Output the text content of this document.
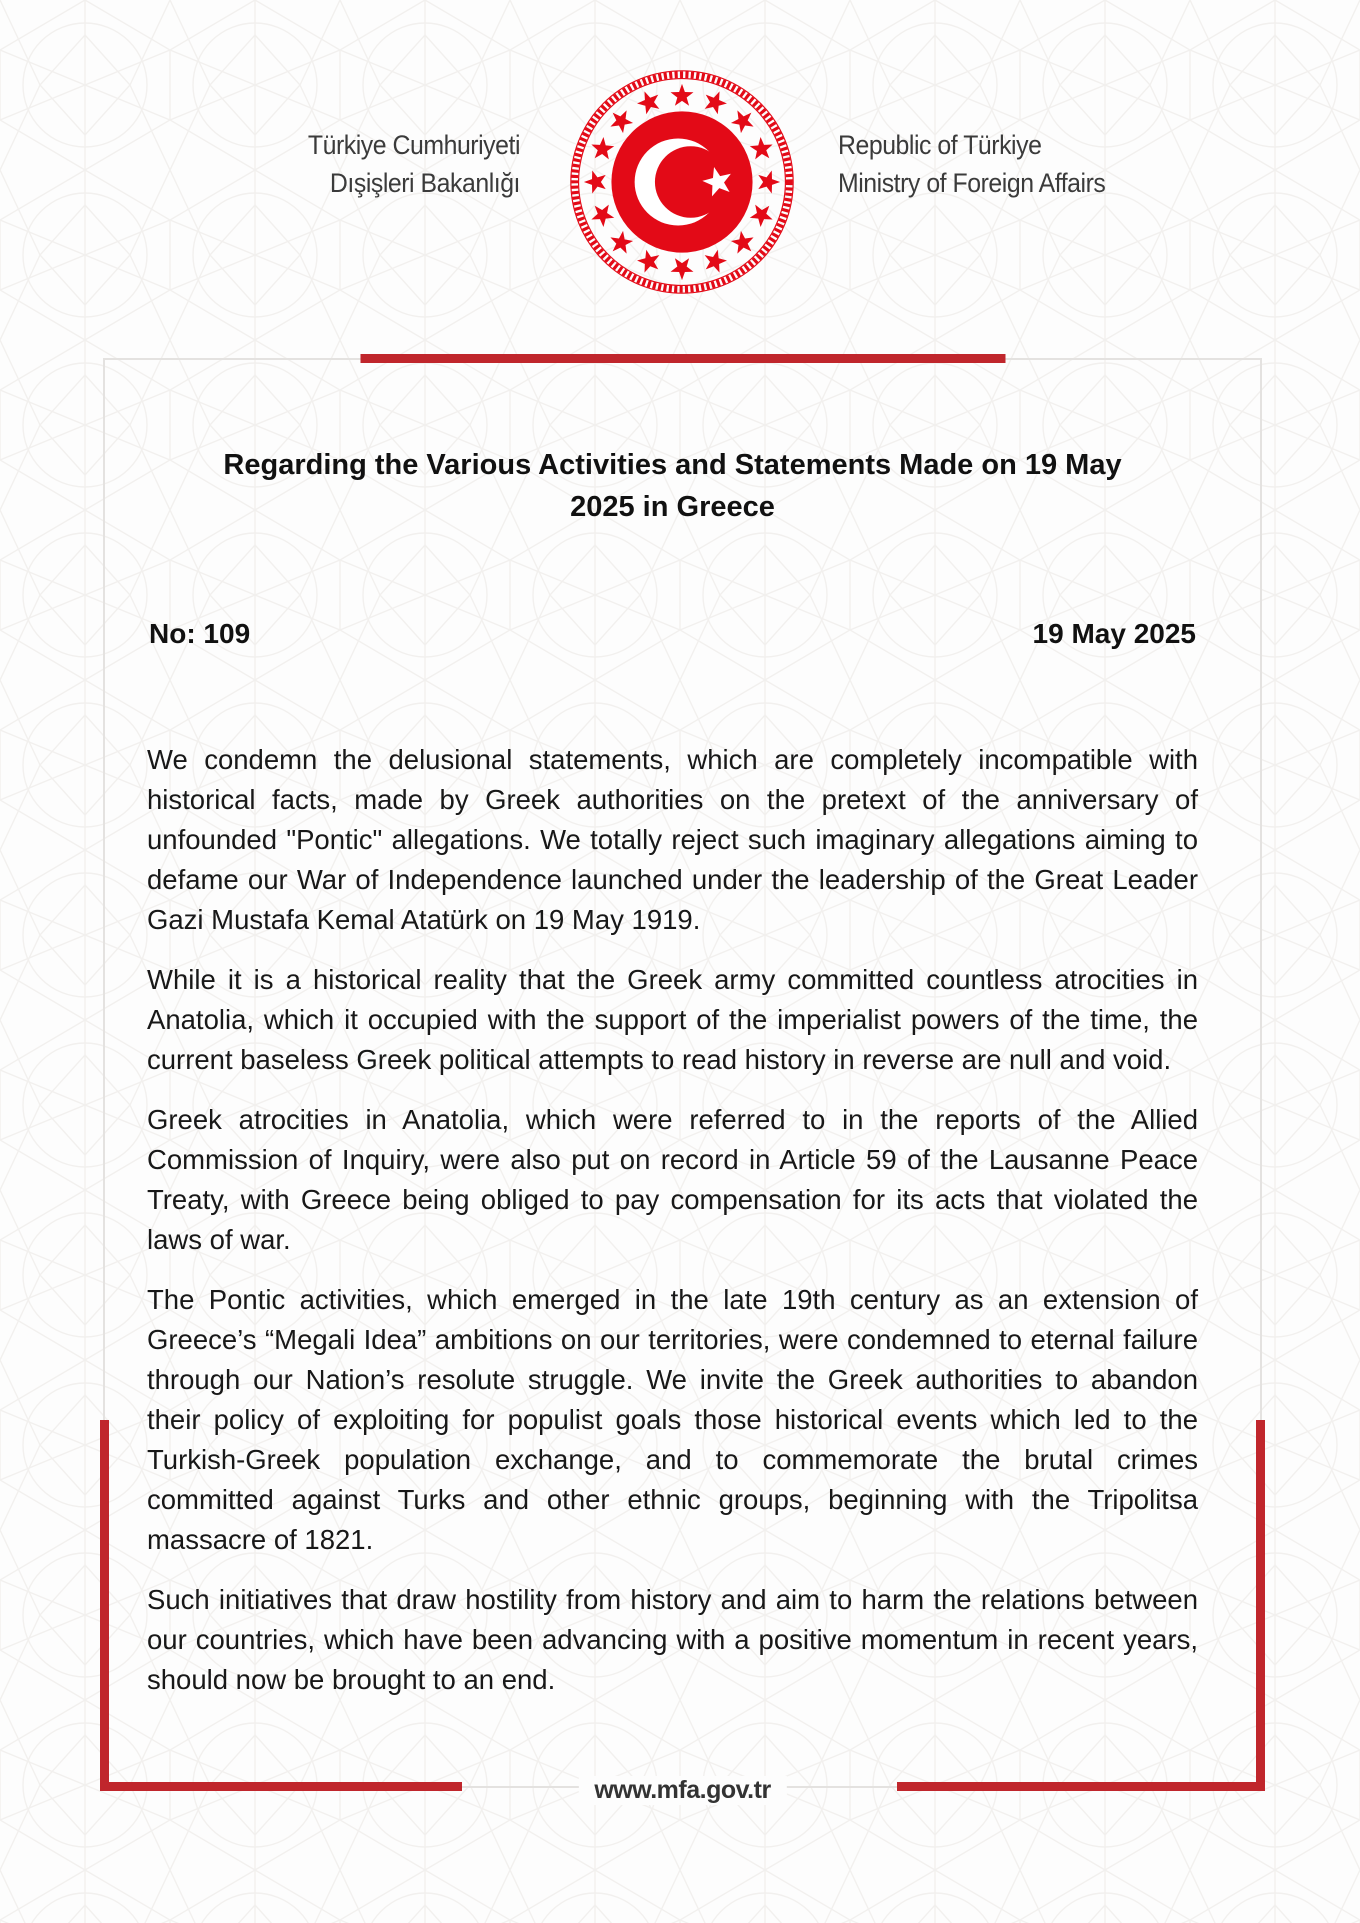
Türkiye Cumhuriyeti
Dışişleri Bakanlığı
Republic of Türkiye
Ministry of Foreign Affairs
Regarding the Various Activities and Statements Made on 19 May
2025 in Greece
No: 109	19 May 2025

We condemn the delusional statements, which are completely incompatible with historical facts, made by Greek authorities on the pretext of the anniversary of unfounded "Pontic" allegations. We totally reject such imaginary allegations aiming to defame our War of Independence launched under the leadership of the Great Leader Gazi Mustafa Kemal Atatürk on 19 May 1919.

While it is a historical reality that the Greek army committed countless atrocities in Anatolia, which it occupied with the support of the imperialist powers of the time, the current baseless Greek political attempts to read history in reverse are null and void.

Greek atrocities in Anatolia, which were referred to in the reports of the Allied Commission of Inquiry, were also put on record in Article 59 of the Lausanne Peace Treaty, with Greece being obliged to pay compensation for its acts that violated the laws of war.

The Pontic activities, which emerged in the late 19th century as an extension of Greece’s “Megali Idea” ambitions on our territories, were condemned to eternal failure through our Nation’s resolute struggle. We invite the Greek authorities to abandon their policy of exploiting for populist goals those historical events which led to the Turkish-Greek population exchange, and to commemorate the brutal crimes committed against Turks and other ethnic groups, beginning with the Tripolitsa massacre of 1821.

Such initiatives that draw hostility from history and aim to harm the relations between our countries, which have been advancing with a positive momentum in recent years, should now be brought to an end.

www.mfa.gov.tr
